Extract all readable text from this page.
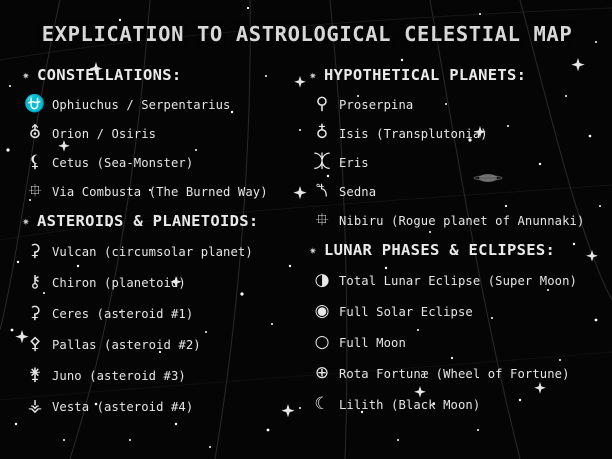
EXPLICATION TO ASTROLOGICAL CELESTIAL MAP
✷ CONSTELLATIONS:
⛎ Ophiuchus / Serpentarius
⛢ Orion / Osiris
⚸ Cetus (Sea-Monster)
⯐ Via Combusta (The Burned Way)
✷ ASTEROIDS & PLANETOIDS:
⚳ Vulcan (circumsolar planet)
⚷ Chiron (planetoid)
⚳ Ceres (asteroid #1)
⚴ Pallas (asteroid #2)
⚵ Juno (asteroid #3)
⚶ Vesta (asteroid #4)
✷ HYPOTHETICAL PLANETS:
⚲ Proserpina
♁ Isis (Transplutonia)
⯰ Eris
⯲ Sedna
⯐ Nibiru (Rogue planet of Anunnaki)
✷ LUNAR PHASES & ECLIPSES:
◑ Total Lunar Eclipse (Super Moon)
◉ Full Solar Eclipse
○ Full Moon
⊕ Rota Fortunæ (Wheel of Fortune)
☾ Lilith (Black Moon)
